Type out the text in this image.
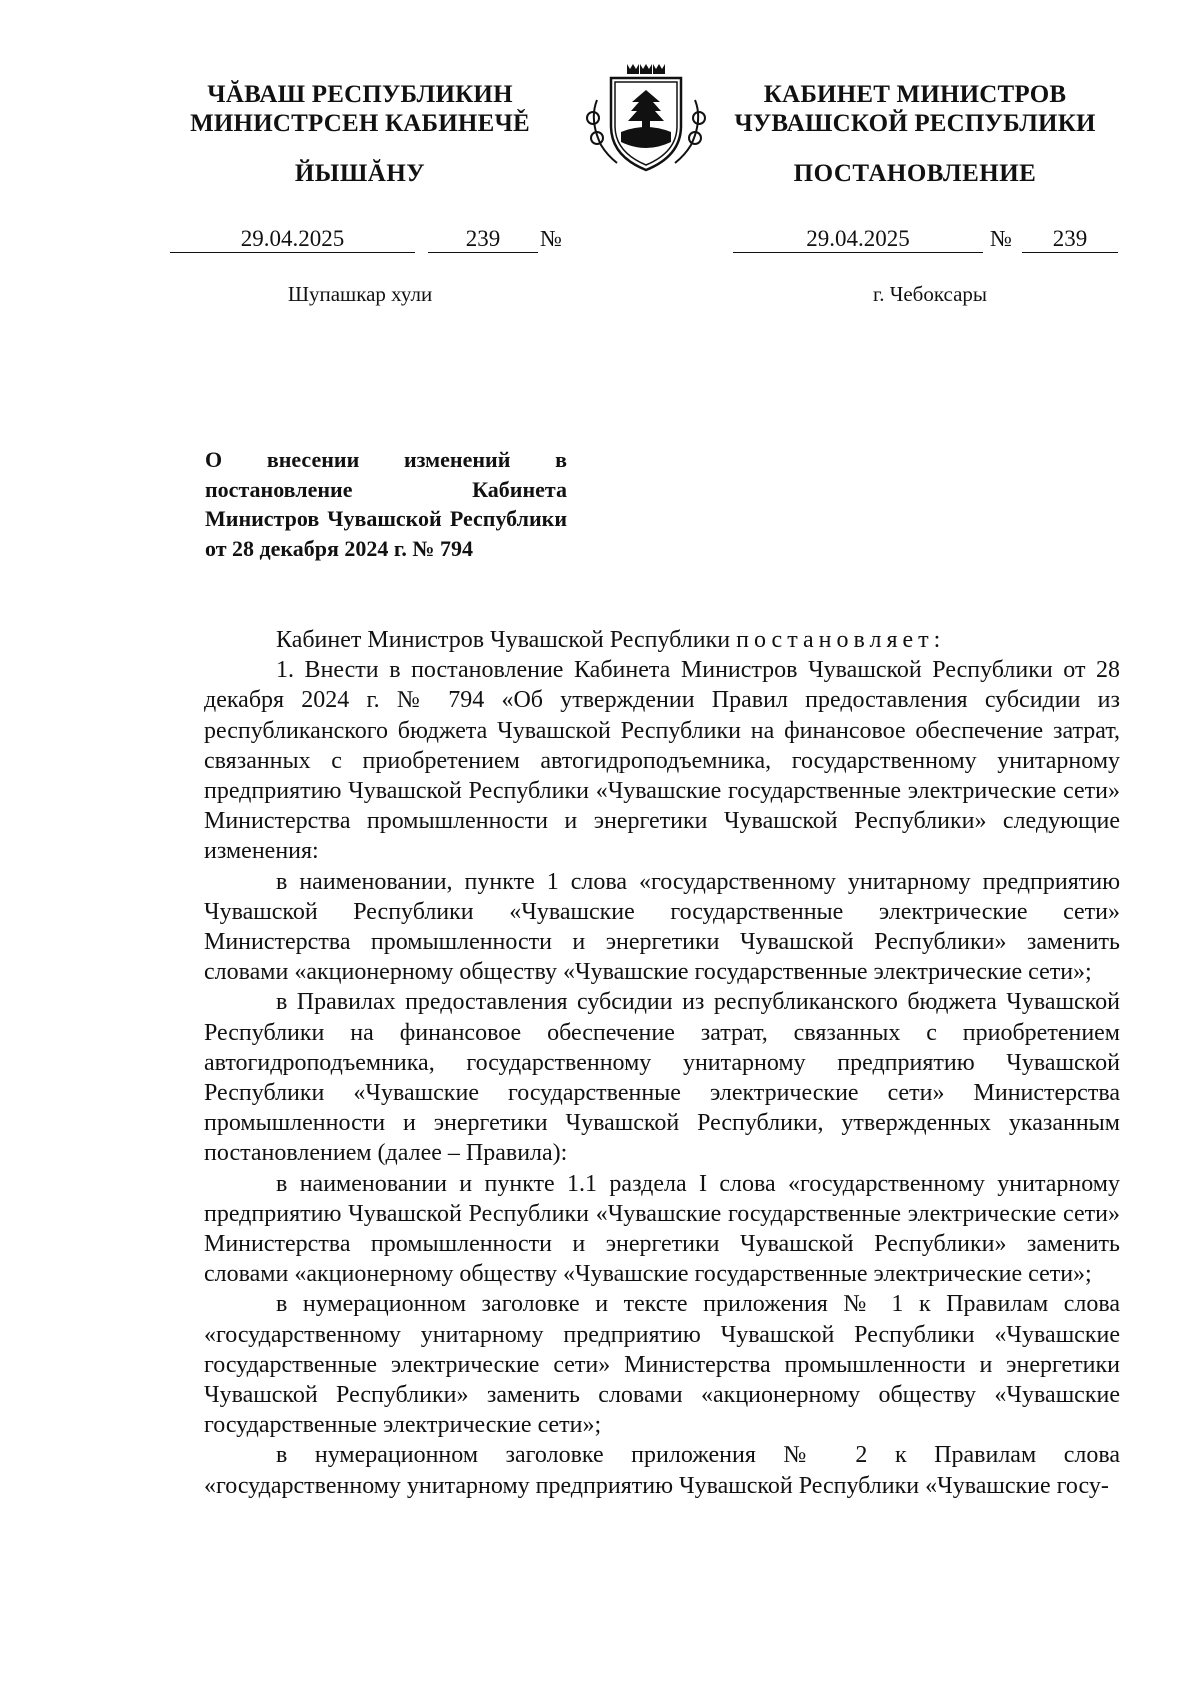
ЧĂВАШ РЕСПУБЛИКИН
МИНИСТРСЕН КАБИНЕЧĚ
ЙЫШĂНУ
КАБИНЕТ МИНИСТРОВ
ЧУВАШСКОЙ РЕСПУБЛИКИ
ПОСТАНОВЛЕНИЕ
29.04.2025	239	№	29.04.2025	№	239
Шупашкар хули	г. Чебоксары
О внесении изменений в постановление Кабинета Министров Чувашской Республики от 28 декабря 2024 г. № 794

Кабинет Министров Чувашской Республики постановляет:

1. Внести в постановление Кабинета Министров Чувашской Республики от 28 декабря 2024 г. № 794 «Об утверждении Правил предоставления субсидии из республиканского бюджета Чувашской Республики на финансовое обеспечение затрат, связанных с приобретением автогидроподъемника, государственному унитарному предприятию Чувашской Республики «Чувашские государственные электрические сети» Министерства промышленности и энергетики Чувашской Республики» следующие изменения:

в наименовании, пункте 1 слова «государственному унитарному предприятию Чувашской Республики «Чувашские государственные электрические сети» Министерства промышленности и энергетики Чувашской Республики» заменить словами «акционерному обществу «Чувашские государственные электрические сети»;

в Правилах предоставления субсидии из республиканского бюджета Чувашской Республики на финансовое обеспечение затрат, связанных с приобретением автогидроподъемника, государственному унитарному предприятию Чувашской Республики «Чувашские государственные электрические сети» Министерства промышленности и энергетики Чувашской Республики, утвержденных указанным постановлением (далее – Правила):

в наименовании и пункте 1.1 раздела I слова «государственному унитарному предприятию Чувашской Республики «Чувашские государственные электрические сети» Министерства промышленности и энергетики Чувашской Республики» заменить словами «акционерному обществу «Чувашские государственные электрические сети»;

в нумерационном заголовке и тексте приложения № 1 к Правилам слова «государственному унитарному предприятию Чувашской Республики «Чувашские государственные электрические сети» Министерства промышленности и энергетики Чувашской Республики» заменить словами «акционерному обществу «Чувашские государственные электрические сети»;

в нумерационном заголовке приложения № 2 к Правилам слова «государственному унитарному предприятию Чувашской Республики «Чувашские госу-
